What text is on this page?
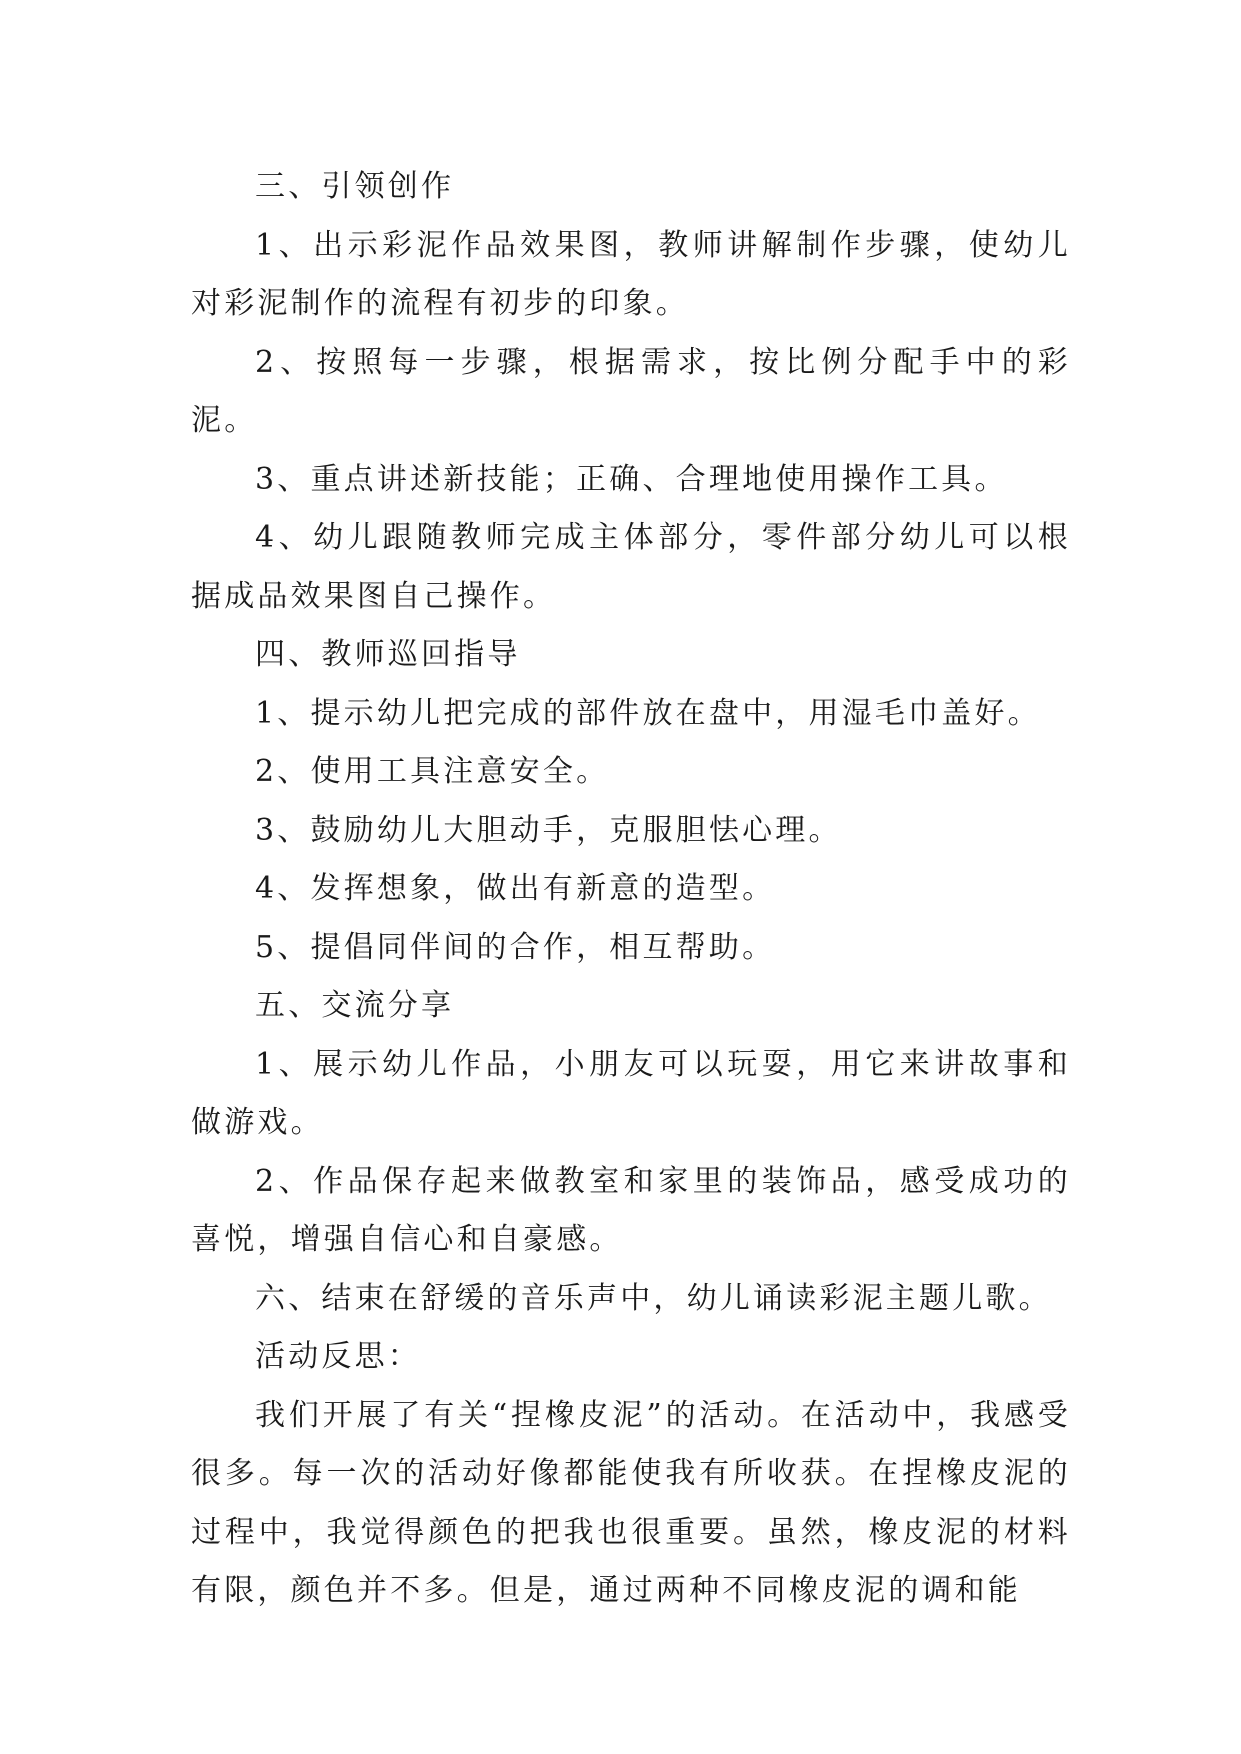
三、引领创作

1、出示彩泥作品效果图，教师讲解制作步骤，使幼儿对彩泥制作的流程有初步的印象。

2、按照每一步骤，根据需求，按比例分配手中的彩泥。

3、重点讲述新技能；正确、合理地使用操作工具。

4、幼儿跟随教师完成主体部分，零件部分幼儿可以根据成品效果图自己操作。

四、教师巡回指导

1、提示幼儿把完成的部件放在盘中，用湿毛巾盖好。

2、使用工具注意安全。

3、鼓励幼儿大胆动手，克服胆怯心理。

4、发挥想象，做出有新意的造型。

5、提倡同伴间的合作，相互帮助。

五、交流分享

1、展示幼儿作品，小朋友可以玩耍，用它来讲故事和做游戏。

2、作品保存起来做教室和家里的装饰品，感受成功的喜悦，增强自信心和自豪感。

六、结束在舒缓的音乐声中，幼儿诵读彩泥主题儿歌。

活动反思：

我们开展了有关“捏橡皮泥”的活动。在活动中，我感受很多。每一次的活动好像都能使我有所收获。在捏橡皮泥的过程中，我觉得颜色的把我也很重要。虽然，橡皮泥的材料有限，颜色并不多。但是，通过两种不同橡皮泥的调和能
